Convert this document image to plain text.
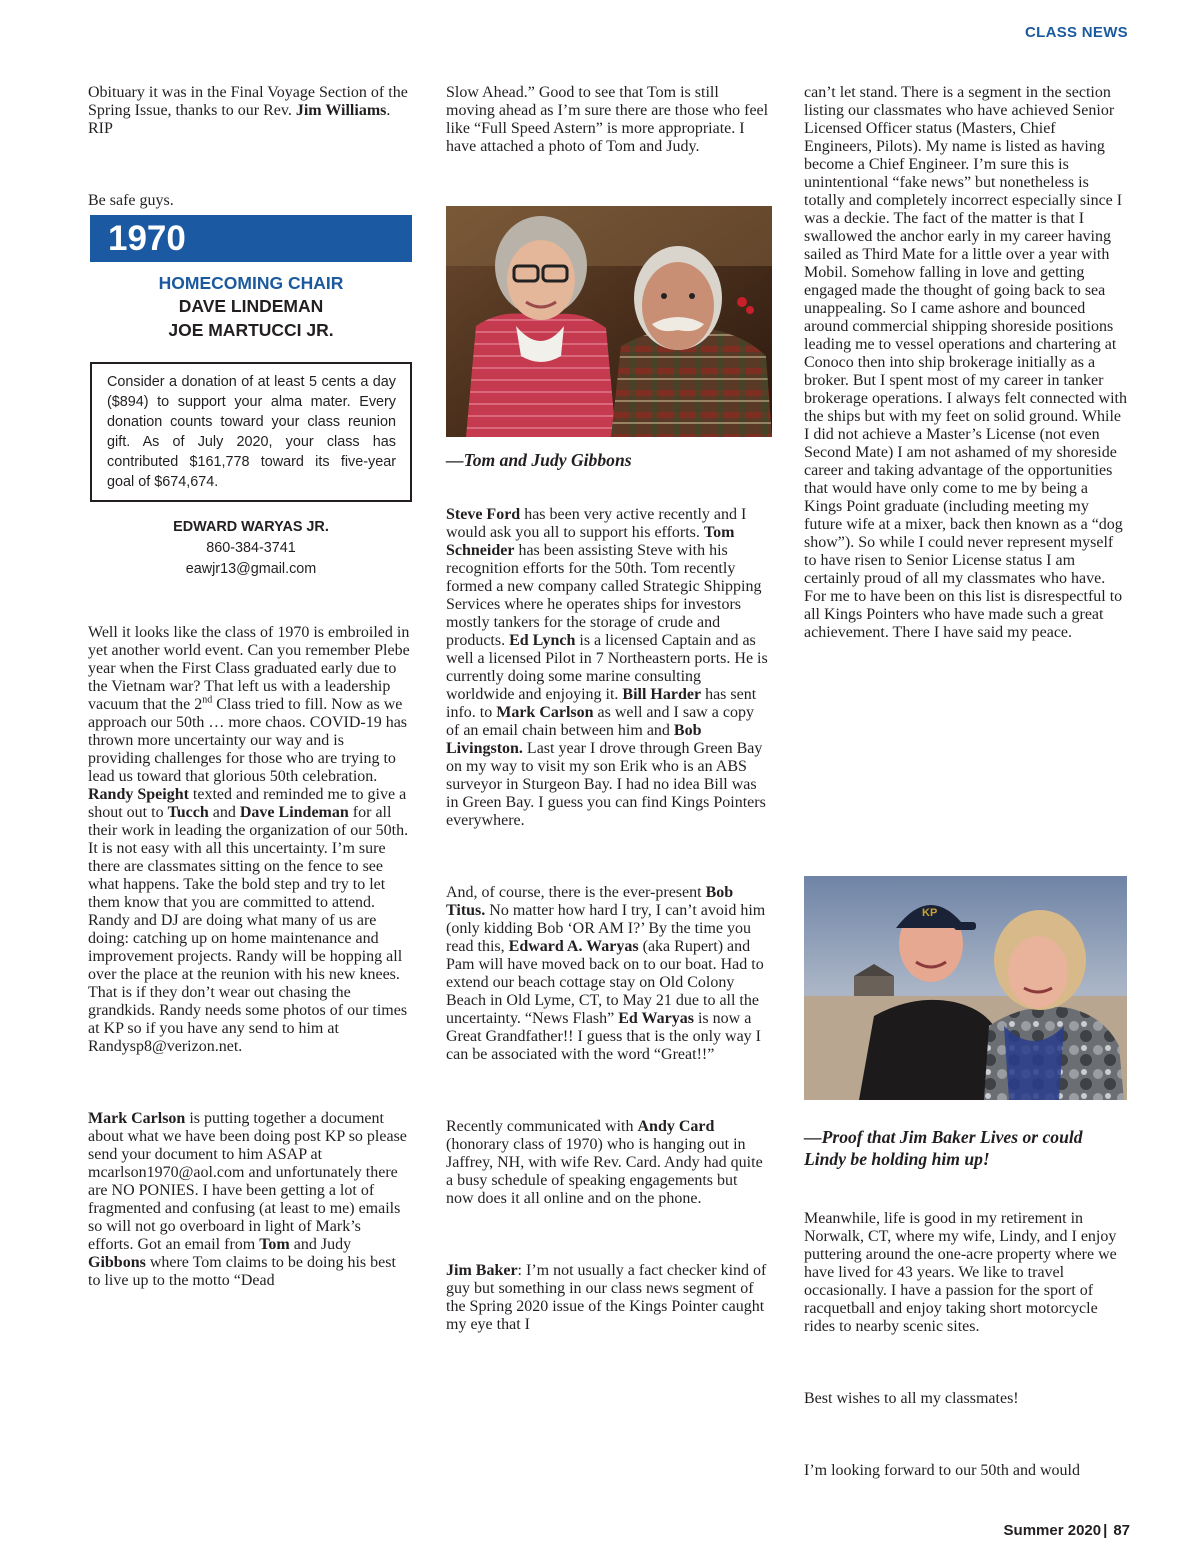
CLASS NEWS

Obituary it was in the Final Voyage Section of the Spring Issue, thanks to our Rev. Jim Williams. RIP

Be safe guys.

1970
HOMECOMING CHAIR
DAVE LINDEMAN
JOE MARTUCCI JR.
Consider a donation of at least 5 cents a day ($894) to support your alma mater. Every donation counts toward your class reunion gift. As of July 2020, your class has contributed $161,778 toward its five-year goal of $674,674.
EDWARD WARYAS JR.
860-384-3741
eawjr13@gmail.com

Well it looks like the class of 1970 is embroiled in yet another world event. Can you remember Plebe year when the First Class graduated early due to the Vietnam war? That left us with a leadership vacuum that the 2nd Class tried to fill. Now as we approach our 50th … more chaos. COVID-19 has thrown more uncertainty our way and is providing challenges for those who are trying to lead us toward that glorious 50th celebration. Randy Speight texted and reminded me to give a shout out to Tucch and Dave Lindeman for all their work in leading the organization of our 50th. It is not easy with all this uncertainty. I’m sure there are classmates sitting on the fence to see what happens. Take the bold step and try to let them know that you are committed to attend. Randy and DJ are doing what many of us are doing: catching up on home maintenance and improvement projects. Randy will be hopping all over the place at the reunion with his new knees. That is if they don’t wear out chasing the grandkids. Randy needs some photos of our times at KP so if you have any send to him at Randysp8@verizon.net.

Mark Carlson is putting together a document about what we have been doing post KP so please send your document to him ASAP at mcarlson1970@aol.com and unfortunately there are NO PONIES. I have been getting a lot of fragmented and confusing (at least to me) emails so will not go overboard in light of Mark’s efforts. Got an email from Tom and Judy Gibbons where Tom claims to be doing his best to live up to the motto “Dead

Slow Ahead.” Good to see that Tom is still moving ahead as I’m sure there are those who feel like “Full Speed Astern” is more appropriate. I have attached a photo of Tom and Judy.

—Tom and Judy Gibbons

Steve Ford has been very active recently and I would ask you all to support his efforts. Tom Schneider has been assisting Steve with his recognition efforts for the 50th. Tom recently formed a new company called Strategic Shipping Services where he operates ships for investors mostly tankers for the storage of crude and products. Ed Lynch is a licensed Captain and as well a licensed Pilot in 7 Northeastern ports. He is currently doing some marine consulting worldwide and enjoying it. Bill Harder has sent info. to Mark Carlson as well and I saw a copy of an email chain between him and Bob Livingston. Last year I drove through Green Bay on my way to visit my son Erik who is an ABS surveyor in Sturgeon Bay. I had no idea Bill was in Green Bay. I guess you can find Kings Pointers everywhere.

And, of course, there is the ever-present Bob Titus. No matter how hard I try, I can’t avoid him (only kidding Bob ‘OR AM I?’ By the time you read this, Edward A. Waryas (aka Rupert) and Pam will have moved back on to our boat. Had to extend our beach cottage stay on Old Colony Beach in Old Lyme, CT, to May 21 due to all the uncertainty. “News Flash” Ed Waryas is now a Great Grandfather!! I guess that is the only way I can be associated with the word “Great!!”

Recently communicated with Andy Card (honorary class of 1970) who is hanging out in Jaffrey, NH, with wife Rev. Card. Andy had quite a busy schedule of speaking engagements but now does it all online and on the phone.

Jim Baker: I’m not usually a fact checker kind of guy but something in our class news segment of the Spring 2020 issue of the Kings Pointer caught my eye that I

can’t let stand. There is a segment in the section listing our classmates who have achieved Senior Licensed Officer status (Masters, Chief Engineers, Pilots). My name is listed as having become a Chief Engineer. I’m sure this is unintentional “fake news” but nonetheless is totally and completely incorrect especially since I was a deckie. The fact of the matter is that I swallowed the anchor early in my career having sailed as Third Mate for a little over a year with Mobil. Somehow falling in love and getting engaged made the thought of going back to sea unappealing. So I came ashore and bounced around commercial shipping shoreside positions leading me to vessel operations and chartering at Conoco then into ship brokerage initially as a broker. But I spent most of my career in tanker brokerage operations. I always felt connected with the ships but with my feet on solid ground. While I did not achieve a Master’s License (not even Second Mate) I am not ashamed of my shoreside career and taking advantage of the opportunities that would have only come to me by being a Kings Point graduate (including meeting my future wife at a mixer, back then known as a “dog show”). So while I could never represent myself to have risen to Senior License status I am certainly proud of all my classmates who have. For me to have been on this list is disrespectful to all Kings Pointers who have made such a great achievement. There I have said my peace.

KP

—Proof that Jim Baker Lives or could Lindy be holding him up!

Meanwhile, life is good in my retirement in Norwalk, CT, where my wife, Lindy, and I enjoy puttering around the one-acre property where we have lived for 43 years. We like to travel occasionally. I have a passion for the sport of racquetball and enjoy taking short motorcycle rides to nearby scenic sites.

Best wishes to all my classmates!

I’m looking forward to our 50th and would

Summer 2020 | 87
